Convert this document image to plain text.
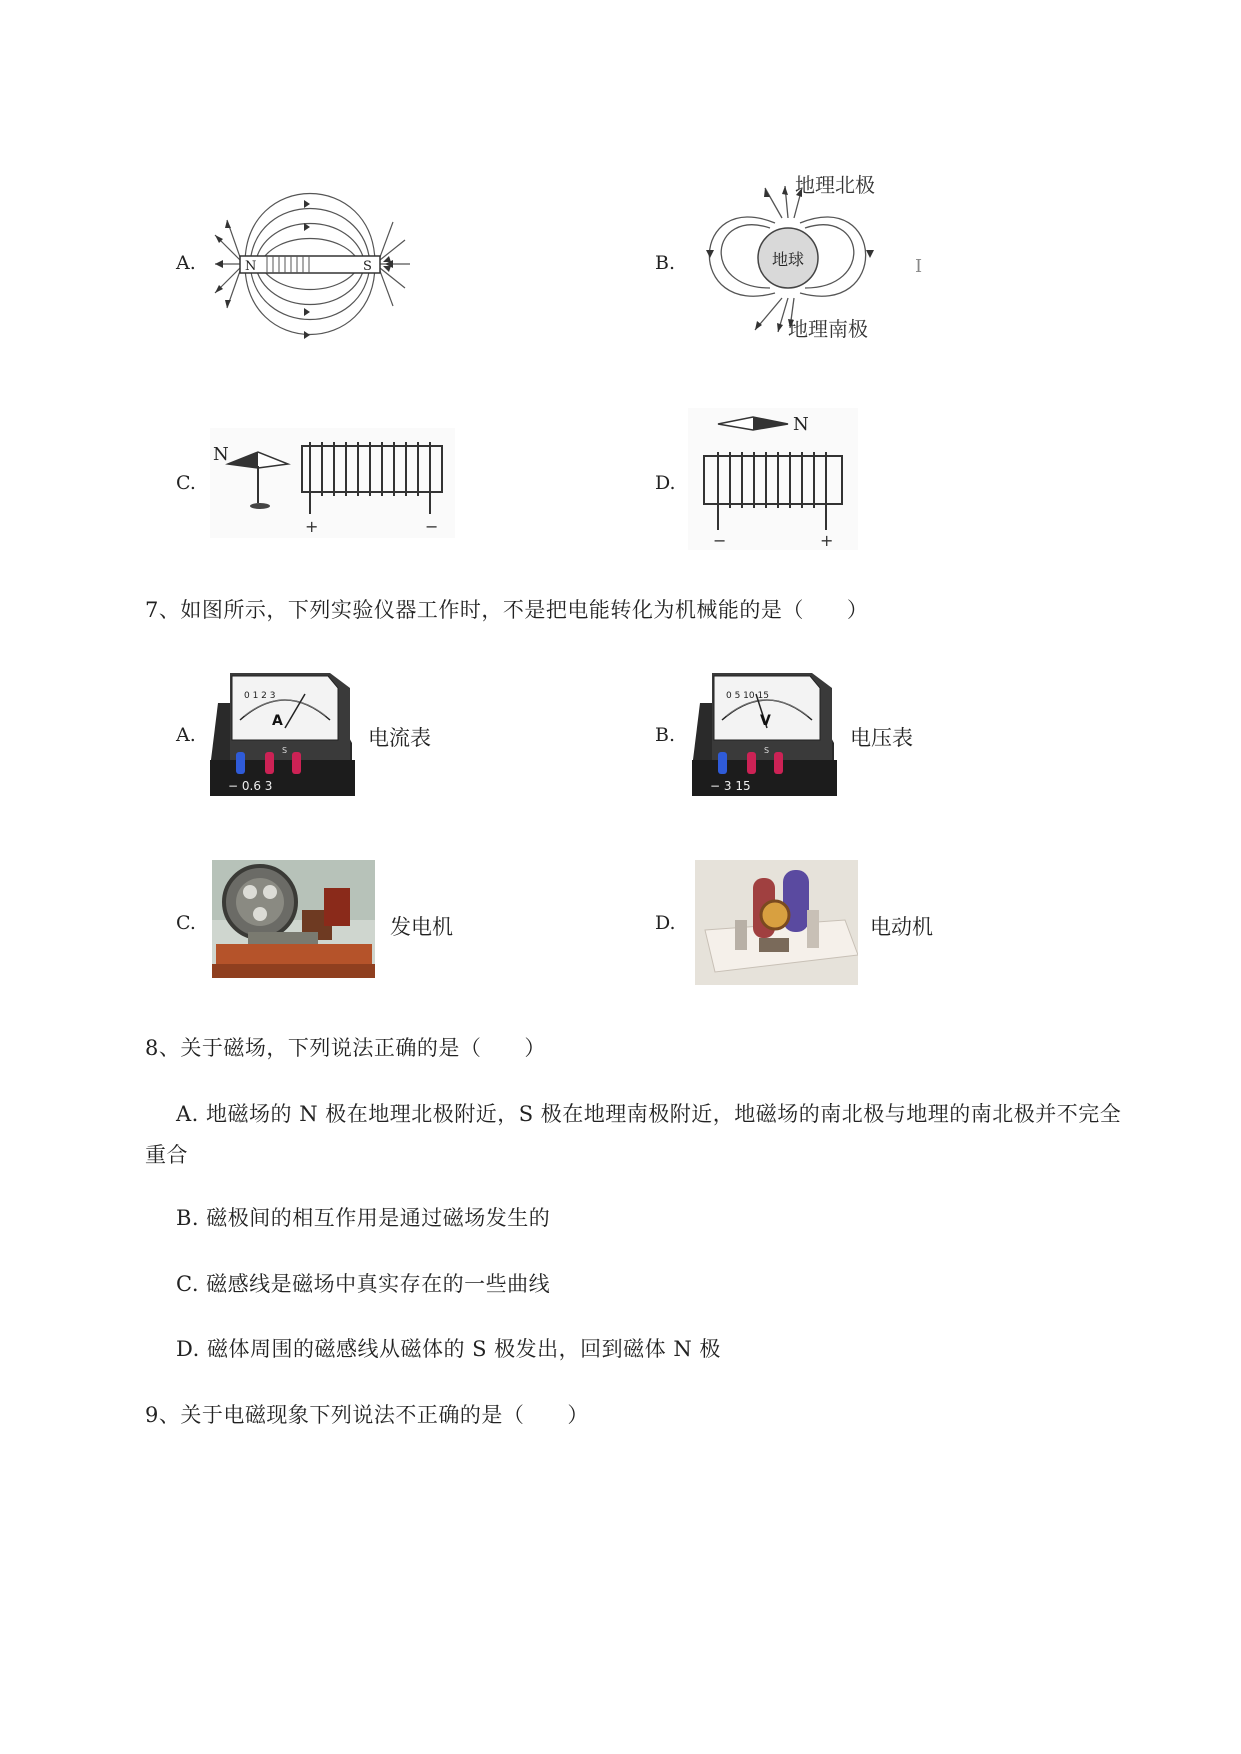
A.	N	S	B.	地球
地理北极
地理南极
I
C.
N
+	−
D.
N
−	+
7、如图所示，下列实验仪器工作时，不是把电能转化为机械能的是（　　）
A.
A
0 1 2 3
S
− 0.6 3
电流表	B.
V
0 5 10 15
S
− 3 15
电压表
C.	发电机	D.	电动机
8、关于磁场，下列说法正确的是（　　）
A. 地磁场的 N 极在地理北极附近，S 极在地理南极附近，地磁场的南北极与地理的南北极并不完全
重合
B. 磁极间的相互作用是通过磁场发生的
C. 磁感线是磁场中真实存在的一些曲线
D. 磁体周围的磁感线从磁体的 S 极发出，回到磁体 N 极
9、关于电磁现象下列说法不正确的是（　　）
